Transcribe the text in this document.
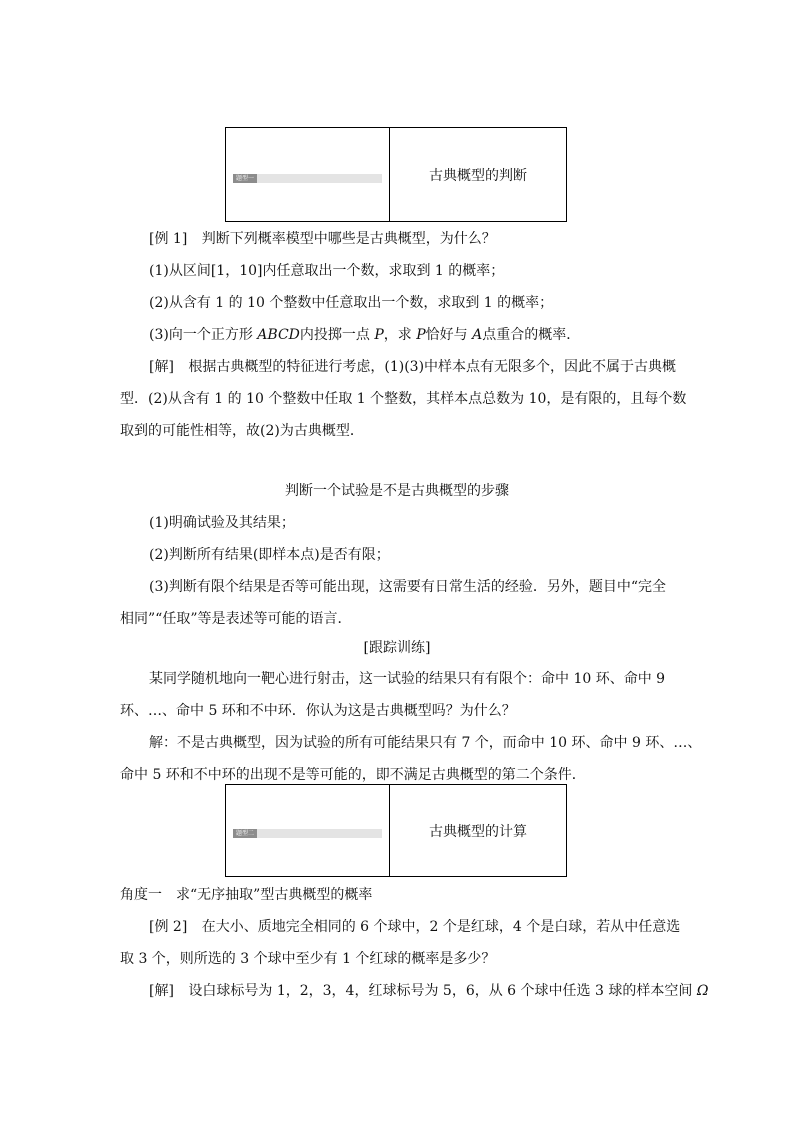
题型一	古典概型的判断
[例 1] 判断下列概率模型中哪些是古典概型，为什么？
(1)从区间[1，10]内任意取出一个数，求取到 1 的概率；
(2)从含有 1 的 10 个整数中任意取出一个数，求取到 1 的概率；
(3)向一个正方形 ABCD内投掷一点 P，求 P恰好与 A点重合的概率．
[解] 根据古典概型的特征进行考虑，(1)(3)中样本点有无限多个，因此不属于古典概
型．(2)从含有 1 的 10 个整数中任取 1 个整数，其样本点总数为 10，是有限的，且每个数
取到的可能性相等，故(2)为古典概型．
判断一个试验是不是古典概型的步骤
(1)明确试验及其结果；
(2)判断所有结果(即样本点)是否有限；
(3)判断有限个结果是否等可能出现，这需要有日常生活的经验．另外，题目中“完全
相同”“任取”等是表述等可能的语言．
[跟踪训练]
某同学随机地向一靶心进行射击，这一试验的结果只有有限个：命中 10 环、命中 9
环、…、命中 5 环和不中环．你认为这是古典概型吗？为什么？
解：不是古典概型，因为试验的所有可能结果只有 7 个，而命中 10 环、命中 9 环、…、
命中 5 环和不中环的出现不是等可能的，即不满足古典概型的第二个条件．
题型二	古典概型的计算
角度一　求“无序抽取”型古典概型的概率
[例 2] 在大小、质地完全相同的 6 个球中，2 个是红球，4 个是白球，若从中任意选
取 3 个，则所选的 3 个球中至少有 1 个红球的概率是多少？
[解] 设白球标号为 1，2，3，4，红球标号为 5，6，从 6 个球中任选 3 球的样本空间 Ω
